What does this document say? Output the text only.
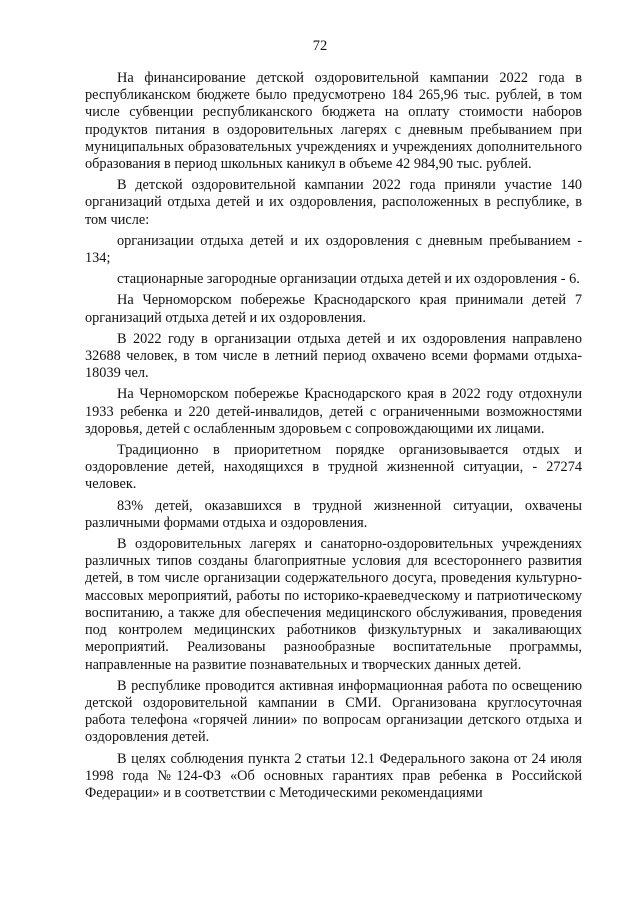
72

На финансирование детской оздоровительной кампании 2022 года в республиканском бюджете было предусмотрено 184 265,96 тыс. рублей, в том числе субвенции республиканского бюджета на оплату стоимости наборов продуктов питания в оздоровительных лагерях с дневным пребыванием при муниципальных образовательных учреждениях и учреждениях дополнительного образования в период школьных каникул в объеме 42 984,90 тыс. рублей.

В детской оздоровительной кампании 2022 года приняли участие 140 организаций отдыха детей и их оздоровления, расположенных в республике, в том числе:

организации отдыха детей и их оздоровления с дневным пребыванием - 134;

стационарные загородные организации отдыха детей и их оздоровления - 6.

На Черноморском побережье Краснодарского края принимали детей 7 организаций отдыха детей и их оздоровления.

В 2022 году в организации отдыха детей и их оздоровления направлено 32688 человек, в том числе в летний период охвачено всеми формами отдыха- 18039 чел.

На Черноморском побережье Краснодарского края в 2022 году отдохнули 1933 ребенка и 220 детей-инвалидов, детей с ограниченными возможностями здоровья, детей с ослабленным здоровьем с сопровождающими их лицами.

Традиционно в приоритетном порядке организовывается отдых и оздоровление детей, находящихся в трудной жизненной ситуации, - 27274 человек.

83% детей, оказавшихся в трудной жизненной ситуации, охвачены различными формами отдыха и оздоровления.

В оздоровительных лагерях и санаторно-оздоровительных учреждениях различных типов созданы благоприятные условия для всестороннего развития детей, в том числе организации содержательного досуга, проведения культурно-массовых мероприятий, работы по историко-краеведческому и патриотическому воспитанию, а также для обеспечения медицинского обслуживания, проведения под контролем медицинских работников физкультурных и закаливающих мероприятий. Реализованы разнообразные воспитательные программы, направленные на развитие познавательных и творческих данных детей.

В республике проводится активная информационная работа по освещению детской оздоровительной кампании в СМИ. Организована круглосуточная работа телефона «горячей линии» по вопросам организации детского отдыха и оздоровления детей.

В целях соблюдения пункта 2 статьи 12.1 Федерального закона от 24 июля 1998 года №124-ФЗ «Об основных гарантиях прав ребенка в Российской Федерации» и в соответствии с Методическими рекомендациями
